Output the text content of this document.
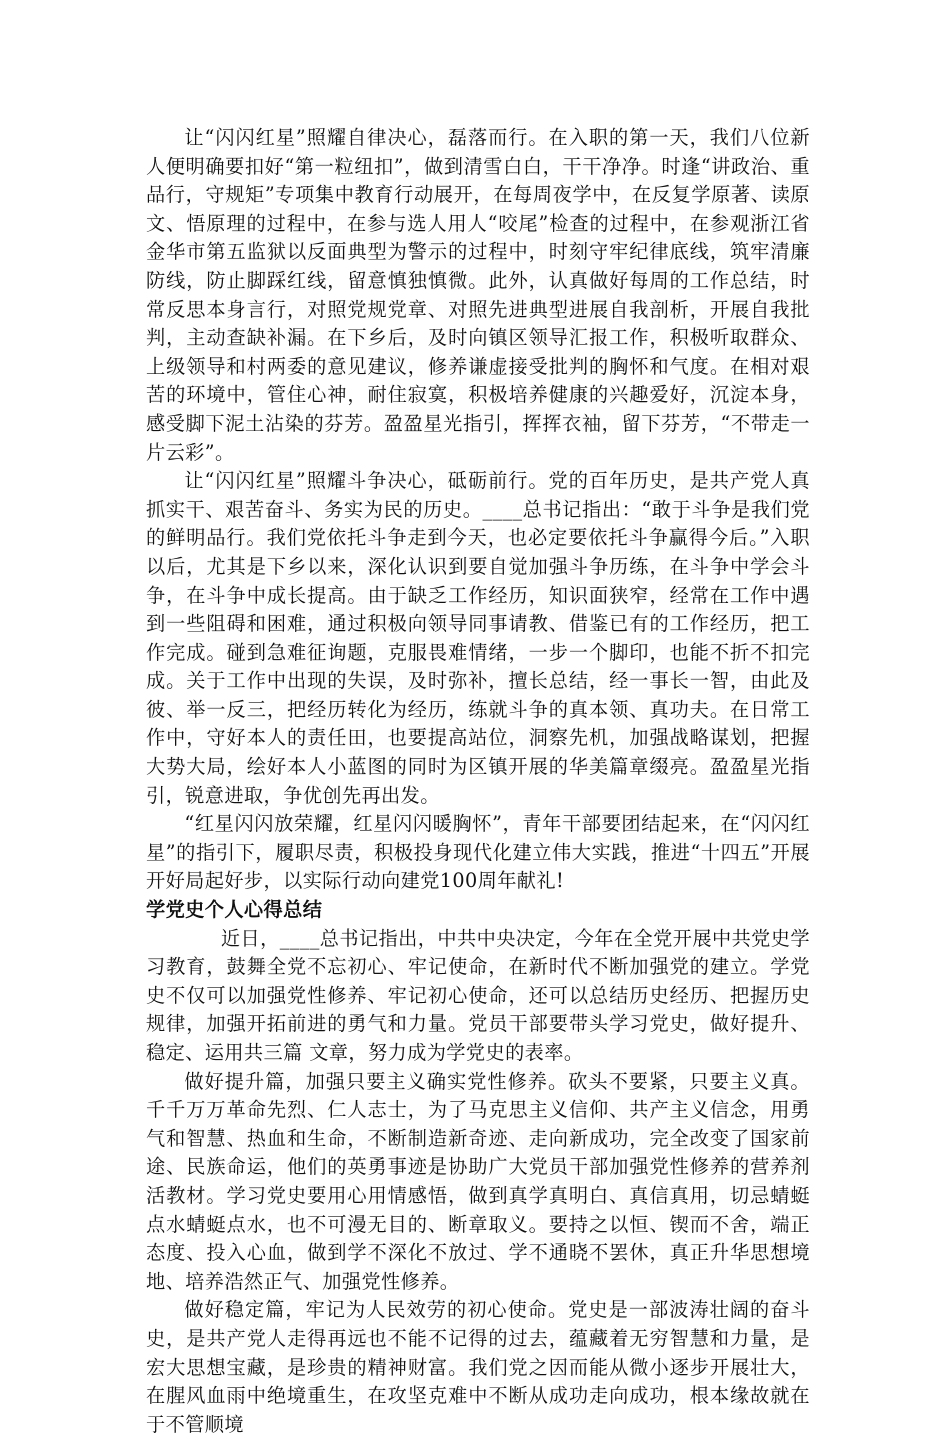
让“闪闪红星”照耀自律决心，磊落而行。在入职的第一天，我们八位新人便明确要扣好“第一粒纽扣”，做到清雪白白，干干净净。时逢“讲政治、重品行，守规矩”专项集中教育行动展开，在每周夜学中，在反复学原著、读原文、悟原理的过程中，在参与选人用人“咬尾”检查的过程中，在参观浙江省金华市第五监狱以反面典型为警示的过程中，时刻守牢纪律底线，筑牢清廉防线，防止脚踩红线，留意慎独慎微。此外，认真做好每周的工作总结，时常反思本身言行，对照党规党章、对照先进典型进展自我剖析，开展自我批判，主动查缺补漏。在下乡后，及时向镇区领导汇报工作，积极听取群众、上级领导和村两委的意见建议，修养谦虚接受批判的胸怀和气度。在相对艰苦的环境中，管住心神，耐住寂寞，积极培养健康的兴趣爱好，沉淀本身，感受脚下泥土沾染的芬芳。盈盈星光指引，挥挥衣袖，留下芬芳，“不带走一片云彩”。

让“闪闪红星”照耀斗争决心，砥砺前行。党的百年历史，是共产党人真抓实干、艰苦奋斗、务实为民的历史。____总书记指出：“敢于斗争是我们党的鲜明品行。我们党依托斗争走到今天，也必定要依托斗争赢得今后。”入职以后，尤其是下乡以来，深化认识到要自觉加强斗争历练，在斗争中学会斗争，在斗争中成长提高。由于缺乏工作经历，知识面狭窄，经常在工作中遇到一些阻碍和困难，通过积极向领导同事请教、借鉴已有的工作经历，把工作完成。碰到急难征询题，克服畏难情绪，一步一个脚印，也能不折不扣完成。关于工作中出现的失误，及时弥补，擅长总结，经一事长一智，由此及彼、举一反三，把经历转化为经历，练就斗争的真本领、真功夫。在日常工作中，守好本人的责任田，也要提高站位，洞察先机，加强战略谋划，把握大势大局，绘好本人小蓝图的同时为区镇开展的华美篇章缀亮。盈盈星光指引，锐意进取，争优创先再出发。

“红星闪闪放荣耀，红星闪闪暖胸怀”，青年干部要团结起来，在“闪闪红星”的指引下，履职尽责，积极投身现代化建立伟大实践，推进“十四五”开展开好局起好步，以实际行动向建党100周年献礼!

学党史个人心得总结

近日，____总书记指出，中共中央决定，今年在全党开展中共党史学习教育，鼓舞全党不忘初心、牢记使命，在新时代不断加强党的建立。学党史不仅可以加强党性修养、牢记初心使命，还可以总结历史经历、把握历史规律，加强开拓前进的勇气和力量。党员干部要带头学习党史，做好提升、稳定、运用共三篇 文章，努力成为学党史的表率。

做好提升篇，加强只要主义确实党性修养。砍头不要紧，只要主义真。千千万万革命先烈、仁人志士，为了马克思主义信仰、共产主义信念，用勇气和智慧、热血和生命，不断制造新奇迹、走向新成功，完全改变了国家前途、民族命运，他们的英勇事迹是协助广大党员干部加强党性修养的营养剂活教材。学习党史要用心用情感悟，做到真学真明白、真信真用，切忌蜻蜓点水蜻蜓点水，也不可漫无目的、断章取义。要持之以恒、锲而不舍，端正态度、投入心血，做到学不深化不放过、学不通晓不罢休，真正升华思想境地、培养浩然正气、加强党性修养。

做好稳定篇，牢记为人民效劳的初心使命。党史是一部波涛壮阔的奋斗史，是共产党人走得再远也不能不记得的过去，蕴藏着无穷智慧和力量，是宏大思想宝藏，是珍贵的精神财富。我们党之因而能从微小逐步开展壮大，在腥风血雨中绝境重生，在攻坚克难中不断从成功走向成功，根本缘故就在于不管顺境
